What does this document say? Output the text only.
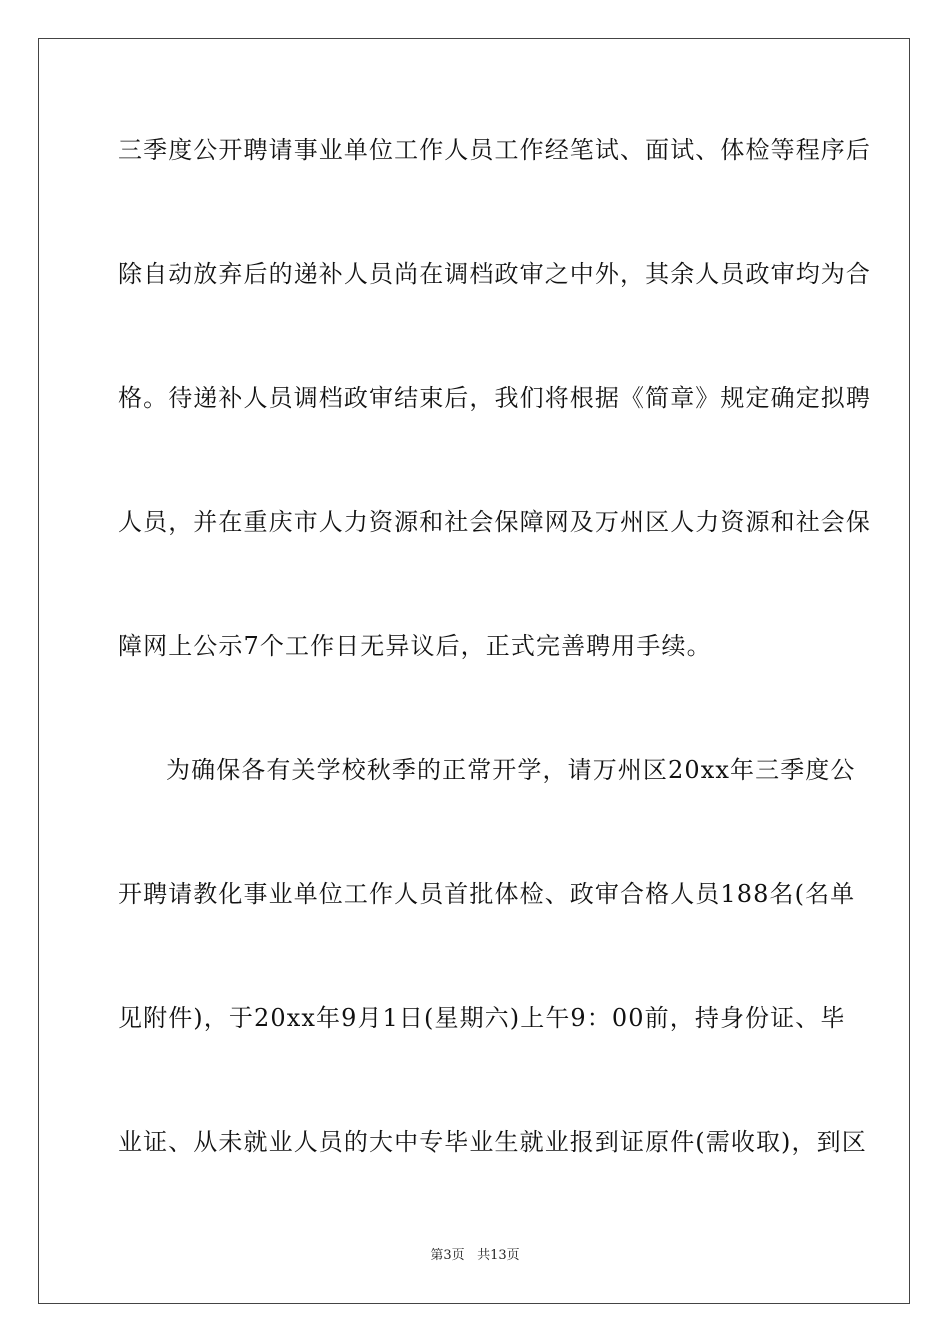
三季度公开聘请事业单位工作人员工作经笔试、面试、体检等程序后
除自动放弃后的递补人员尚在调档政审之中外，其余人员政审均为合
格。待递补人员调档政审结束后，我们将根据《简章》规定确定拟聘
人员，并在重庆市人力资源和社会保障网及万州区人力资源和社会保
障网上公示7个工作日无异议后，正式完善聘用手续。
为确保各有关学校秋季的正常开学，请万州区20xx年三季度公
开聘请教化事业单位工作人员首批体检、政审合格人员188名(名单
见附件)，于20xx年9月1日(星期六)上午9：00前，持身份证、毕
业证、从未就业人员的大中专毕业生就业报到证原件(需收取)，到区
第3页 共13页
